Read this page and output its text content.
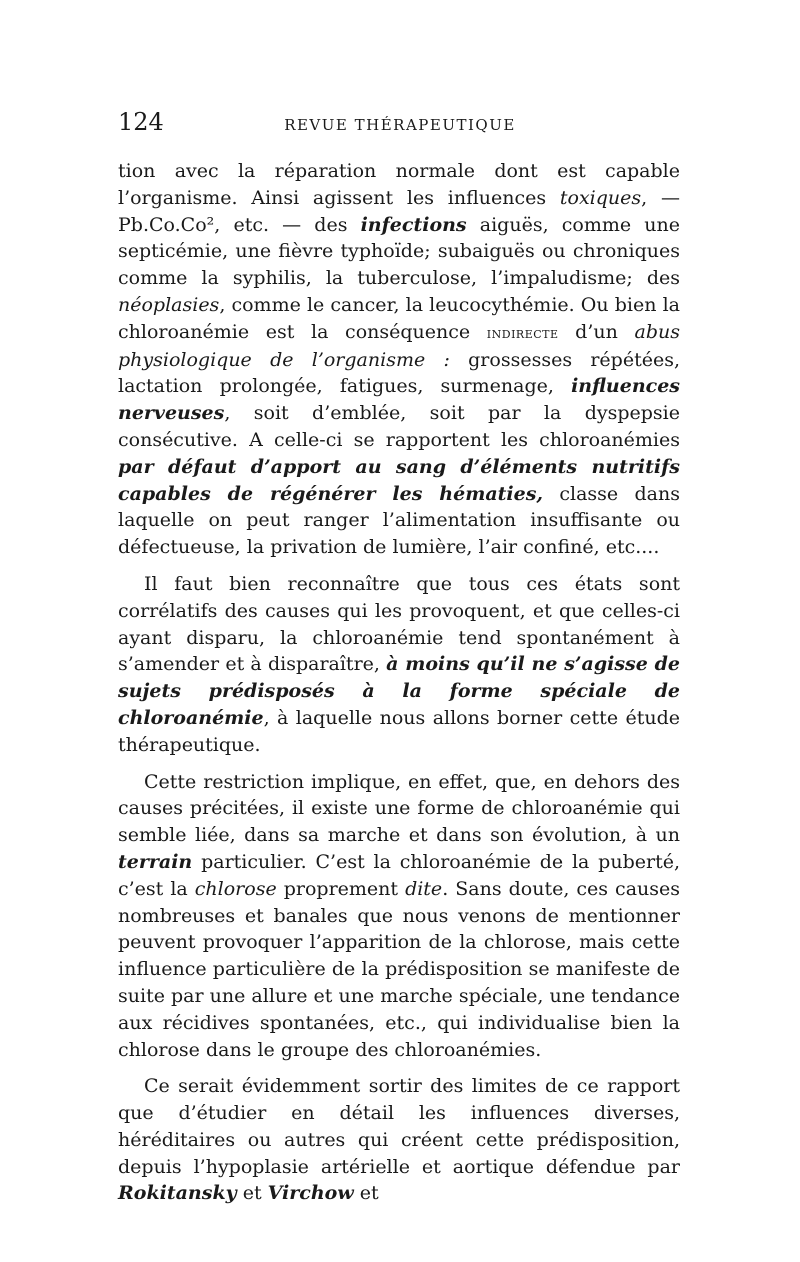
124	REVUE THÉRAPEUTIQUE

tion avec la réparation normale dont est capable l’organisme. Ainsi agissent les influences toxiques, — Pb.Co.Co², etc. — des infections aiguës, comme une septicémie, une fièvre typhoïde; subaiguës ou chroniques comme la syphilis, la tuberculose, l’impaludisme; des néoplasies, comme le cancer, la leucocythémie. Ou bien la chloroanémie est la conséquence indirecte d’un abus physiologique de l’organisme : grossesses répétées, lactation prolongée, fatigues, surmenage, influences nerveuses, soit d’emblée, soit par la dyspepsie consécutive. A celle-ci se rapportent les chloroanémies par défaut d’apport au sang d’éléments nutritifs capables de régénérer les hématies, classe dans laquelle on peut ranger l’alimentation insuffisante ou défectueuse, la privation de lumière, l’air confiné, etc....

Il faut bien reconnaître que tous ces états sont corrélatifs des causes qui les provoquent, et que celles-ci ayant disparu, la chloroanémie tend spontanément à s’amender et à disparaître, à moins qu’il ne s’agisse de sujets prédisposés à la forme spéciale de chloroanémie, à laquelle nous allons borner cette étude thérapeutique.

Cette restriction implique, en effet, que, en dehors des causes précitées, il existe une forme de chloroanémie qui semble liée, dans sa marche et dans son évolution, à un terrain particulier. C’est la chloroanémie de la puberté, c’est la chlorose proprement dite. Sans doute, ces causes nombreuses et banales que nous venons de mentionner peuvent provoquer l’apparition de la chlorose, mais cette influence particulière de la prédisposition se manifeste de suite par une allure et une marche spéciale, une tendance aux récidives spontanées, etc., qui individualise bien la chlorose dans le groupe des chloroanémies.

Ce serait évidemment sortir des limites de ce rapport que d’étudier en détail les influences diverses, héréditaires ou autres qui créent cette prédisposition, depuis l’hypoplasie artérielle et aortique défendue par Rokitansky et Virchow et
